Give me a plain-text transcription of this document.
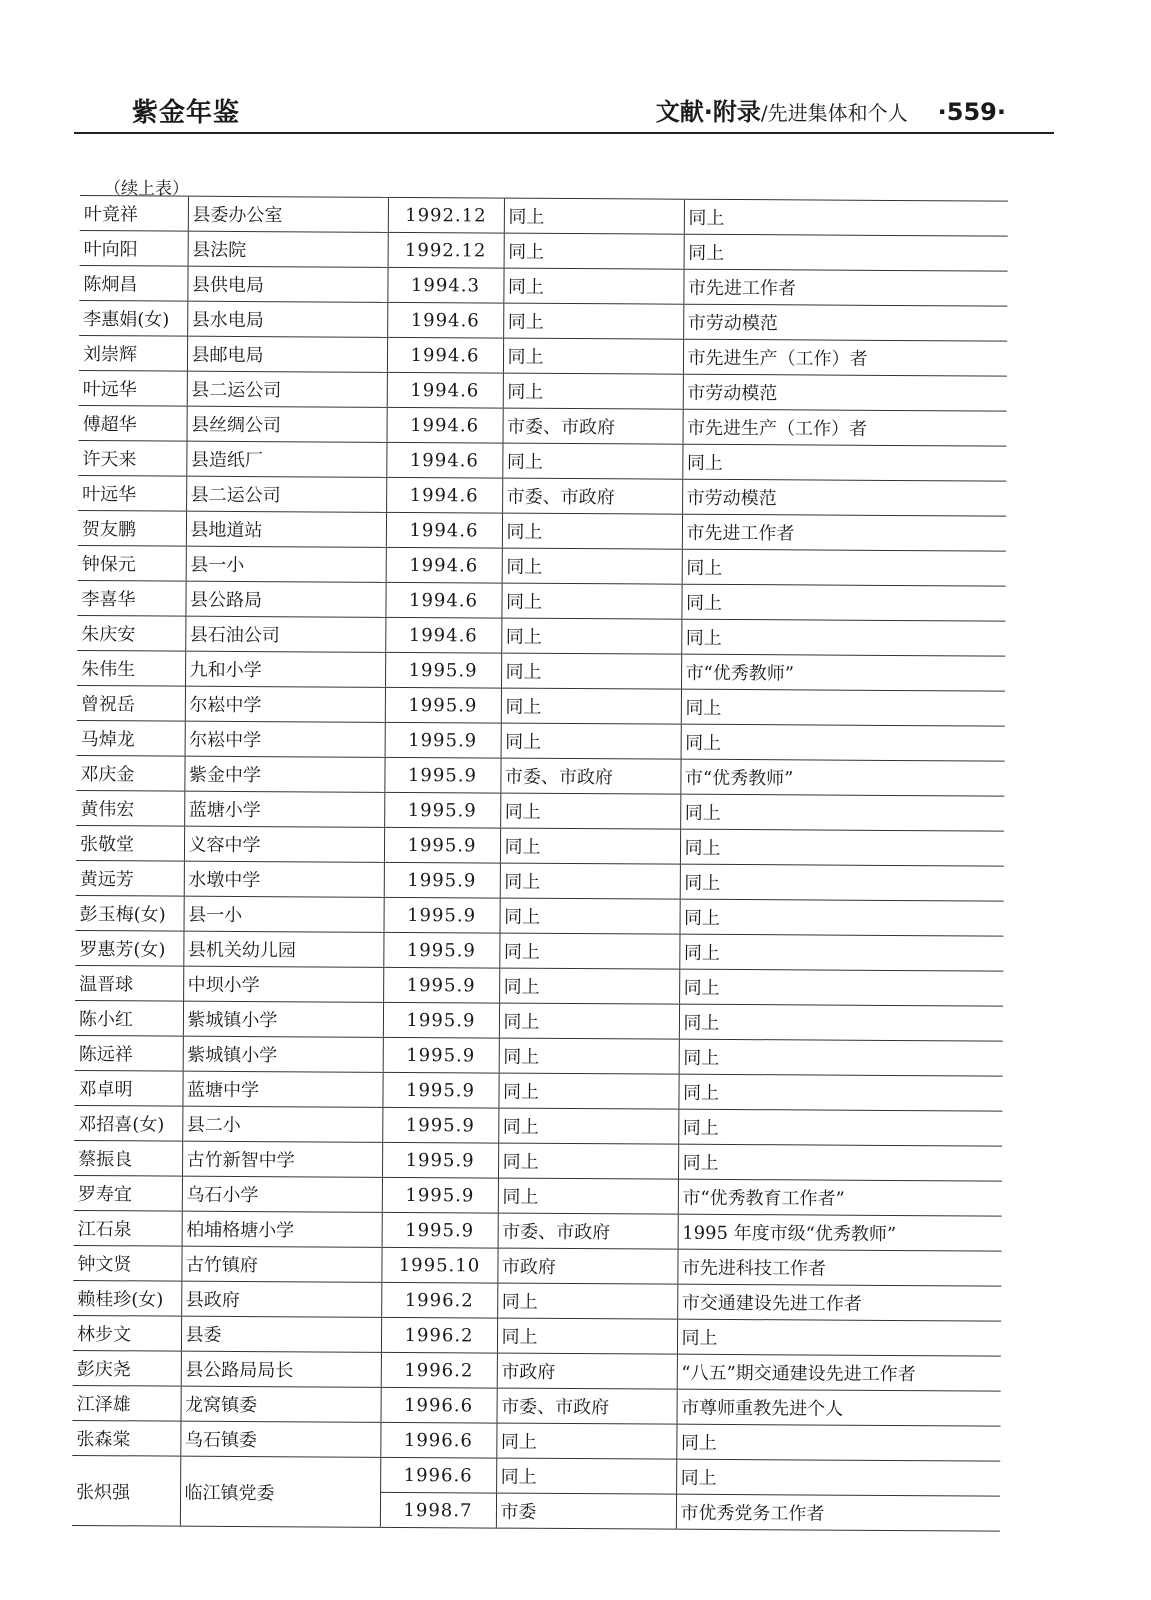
紫金年鉴	文献·附录/先进集体和个人 ·559·
（续上表）
叶竟祥	县委办公室	1992.12	同上	同上
叶向阳	县法院	1992.12	同上	同上
陈炯昌	县供电局	1994.3	同上	市先进工作者
李惠娟(女)	县水电局	1994.6	同上	市劳动模范
刘崇辉	县邮电局	1994.6	同上	市先进生产（工作）者
叶远华	县二运公司	1994.6	同上	市劳动模范
傅超华	县丝绸公司	1994.6	市委、市政府	市先进生产（工作）者
许天来	县造纸厂	1994.6	同上	同上
叶远华	县二运公司	1994.6	市委、市政府	市劳动模范
贺友鹏	县地道站	1994.6	同上	市先进工作者
钟保元	县一小	1994.6	同上	同上
李喜华	县公路局	1994.6	同上	同上
朱庆安	县石油公司	1994.6	同上	同上
朱伟生	九和小学	1995.9	同上	市“优秀教师”
曾祝岳	尔崧中学	1995.9	同上	同上
马焯龙	尔崧中学	1995.9	同上	同上
邓庆金	紫金中学	1995.9	市委、市政府	市“优秀教师”
黄伟宏	蓝塘小学	1995.9	同上	同上
张敬堂	义容中学	1995.9	同上	同上
黄远芳	水墩中学	1995.9	同上	同上
彭玉梅(女)	县一小	1995.9	同上	同上
罗惠芳(女)	县机关幼儿园	1995.9	同上	同上
温晋球	中坝小学	1995.9	同上	同上
陈小红	紫城镇小学	1995.9	同上	同上
陈远祥	紫城镇小学	1995.9	同上	同上
邓卓明	蓝塘中学	1995.9	同上	同上
邓招喜(女)	县二小	1995.9	同上	同上
蔡振良	古竹新智中学	1995.9	同上	同上
罗寿宜	乌石小学	1995.9	同上	市“优秀教育工作者”
江石泉	柏埔格塘小学	1995.9	市委、市政府	1995 年度市级“优秀教师”
钟文贤	古竹镇府	1995.10	市政府	市先进科技工作者
赖桂珍(女)	县政府	1996.2	同上	市交通建设先进工作者
林步文	县委	1996.2	同上	同上
彭庆尧	县公路局局长	1996.2	市政府	“八五”期交通建设先进工作者
江泽雄	龙窝镇委	1996.6	市委、市政府	市尊师重教先进个人
张森棠	乌石镇委	1996.6	同上	同上
张炽强	临江镇党委	1996.6	同上	同上
		1998.7	市委	市优秀党务工作者
